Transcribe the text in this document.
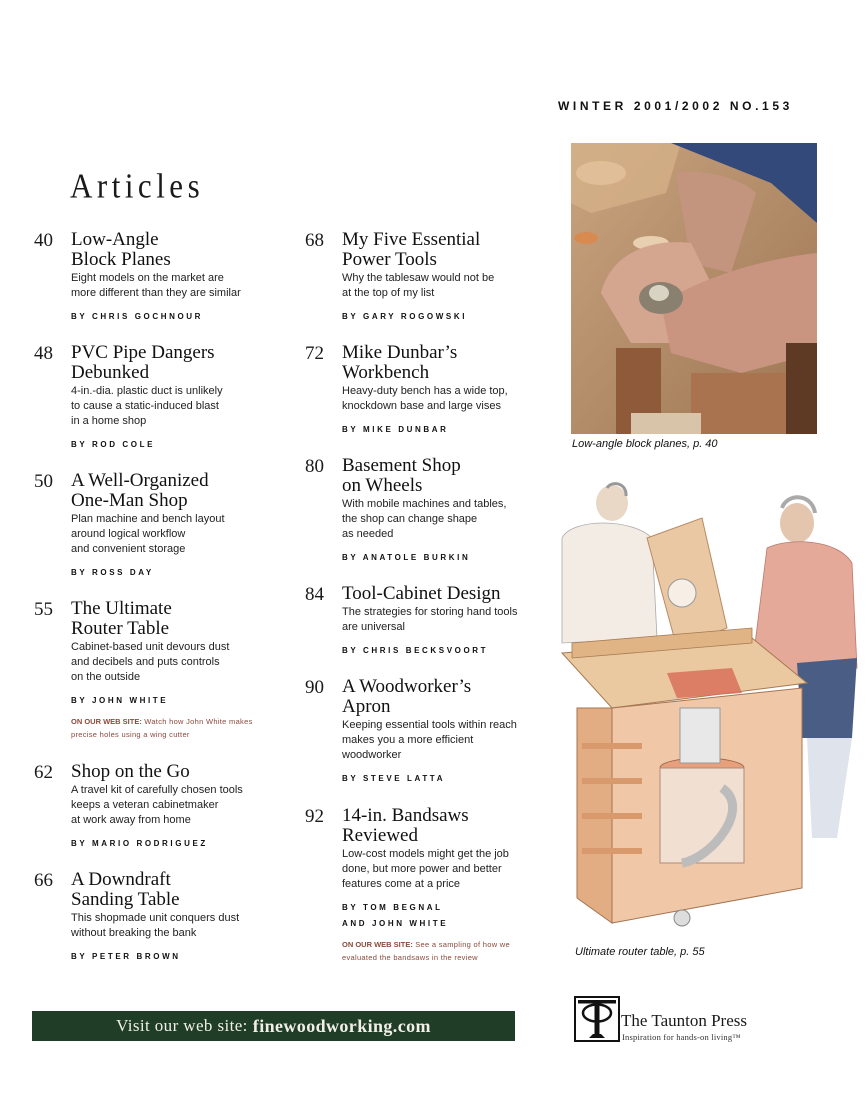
WINTER 2001/2002 NO.153
Articles
40 Low-Angle
Block Planes
Eight models on the market are
more different than they are similar
BY CHRIS GOCHNOUR
48 PVC Pipe Dangers
Debunked
4-in.-dia. plastic duct is unlikely
to cause a static-induced blast
in a home shop
BY ROD COLE
50 A Well-Organized
One-Man Shop
Plan machine and bench layout
around logical workflow
and convenient storage
BY ROSS DAY
55 The Ultimate
Router Table
Cabinet-based unit devours dust
and decibels and puts controls
on the outside
BY JOHN WHITE
ON OUR WEB SITE: Watch how John White makes
precise holes using a wing cutter
62 Shop on the Go
A travel kit of carefully chosen tools
keeps a veteran cabinetmaker
at work away from home
BY MARIO RODRIGUEZ
66 A Downdraft
Sanding Table
This shopmade unit conquers dust
without breaking the bank
BY PETER BROWN
68 My Five Essential
Power Tools
Why the tablesaw would not be
at the top of my list
BY GARY ROGOWSKI
72 Mike Dunbar’s
Workbench
Heavy-duty bench has a wide top,
knockdown base and large vises
BY MIKE DUNBAR
80 Basement Shop
on Wheels
With mobile machines and tables,
the shop can change shape
as needed
BY ANATOLE BURKIN
84 Tool-Cabinet Design
The strategies for storing hand tools
are universal
BY CHRIS BECKSVOORT
90 A Woodworker’s
Apron
Keeping essential tools within reach
makes you a more efficient
woodworker
BY STEVE LATTA
92 14-in. Bandsaws
Reviewed
Low-cost models might get the job
done, but more power and better
features come at a price
BY TOM BEGNAL
AND JOHN WHITE
ON OUR WEB SITE: See a sampling of how we
evaluated the bandsaws in the review
Low-angle block planes, p. 40
Ultimate router table, p. 55
Visit our web site: finewoodworking.com	The Taunton Press
Inspiration for hands-on living™
